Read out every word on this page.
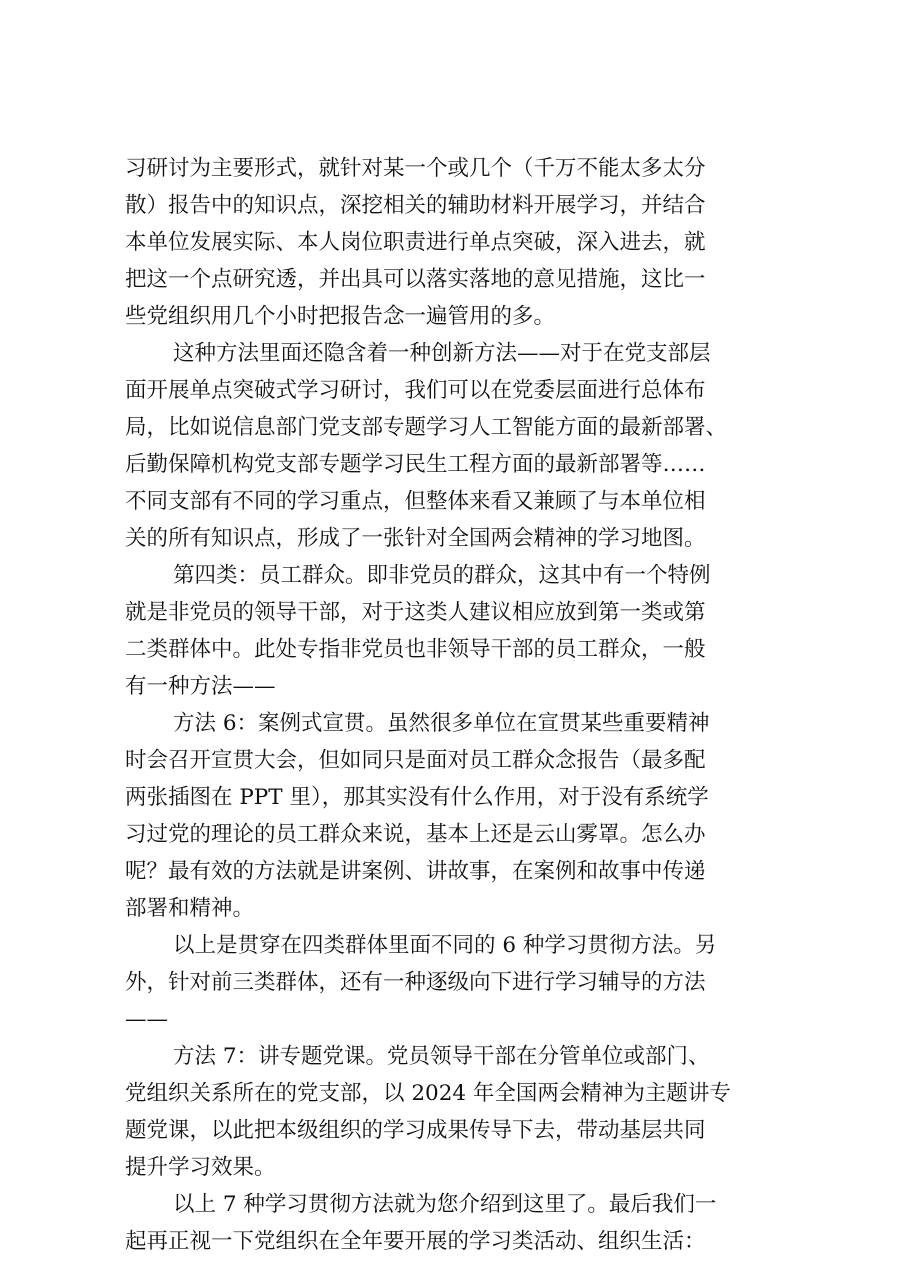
习研讨为主要形式，就针对某一个或几个（千万不能太多太分
散）报告中的知识点，深挖相关的辅助材料开展学习，并结合
本单位发展实际、本人岗位职责进行单点突破，深入进去，就
把这一个点研究透，并出具可以落实落地的意见措施，这比一
些党组织用几个小时把报告念一遍管用的多。
这种方法里面还隐含着一种创新方法——对于在党支部层
面开展单点突破式学习研讨，我们可以在党委层面进行总体布
局，比如说信息部门党支部专题学习人工智能方面的最新部署、
后勤保障机构党支部专题学习民生工程方面的最新部署等……
不同支部有不同的学习重点，但整体来看又兼顾了与本单位相
关的所有知识点，形成了一张针对全国两会精神的学习地图。
第四类：员工群众。即非党员的群众，这其中有一个特例
就是非党员的领导干部，对于这类人建议相应放到第一类或第
二类群体中。此处专指非党员也非领导干部的员工群众，一般
有一种方法——
方法 6：案例式宣贯。虽然很多单位在宣贯某些重要精神
时会召开宣贯大会，但如同只是面对员工群众念报告（最多配
两张插图在 PPT 里），那其实没有什么作用，对于没有系统学
习过党的理论的员工群众来说，基本上还是云山雾罩。怎么办
呢？最有效的方法就是讲案例、讲故事，在案例和故事中传递
部署和精神。
以上是贯穿在四类群体里面不同的 6 种学习贯彻方法。另
外，针对前三类群体，还有一种逐级向下进行学习辅导的方法
——
方法 7：讲专题党课。党员领导干部在分管单位或部门、
党组织关系所在的党支部，以 2024 年全国两会精神为主题讲专
题党课，以此把本级组织的学习成果传导下去，带动基层共同
提升学习效果。
以上 7 种学习贯彻方法就为您介绍到这里了。最后我们一
起再正视一下党组织在全年要开展的学习类活动、组织生活：
